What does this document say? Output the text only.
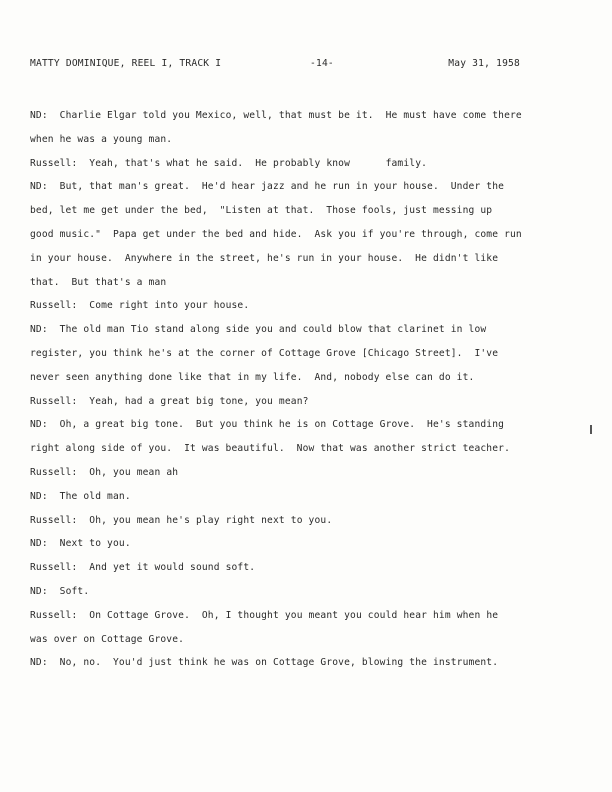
MATTY DOMINIQUE, REEL I, TRACK I	-14-	May 31, 1958
ND: Charlie Elgar told you Mexico, well, that must be it.  He must have come there
when he was a young man.
Russell: Yeah, that's what he said.  He probably know      family.
ND: But, that man's great.  He'd hear jazz and he run in your house.  Under the
bed, let me get under the bed,  "Listen at that.  Those fools, just messing up
good music."  Papa get under the bed and hide.  Ask you if you're through, come run
in your house.  Anywhere in the street, he's run in your house.  He didn't like
that.  But that's a man
Russell: Come right into your house.
ND: The old man Tio stand along side you and could blow that clarinet in low
register, you think he's at the corner of Cottage Grove [Chicago Street].  I've
never seen anything done like that in my life.  And, nobody else can do it.
Russell: Yeah, had a great big tone, you mean?
ND: Oh, a great big tone.  But you think he is on Cottage Grove.  He's standing
right along side of you.  It was beautiful.  Now that was another strict teacher.
Russell: Oh, you mean ah
ND: The old man.
Russell: Oh, you mean he's play right next to you.
ND: Next to you.
Russell: And yet it would sound soft.
ND: Soft.
Russell: On Cottage Grove.  Oh, I thought you meant you could hear him when he
was over on Cottage Grove.
ND: No, no.  You'd just think he was on Cottage Grove, blowing the instrument.
